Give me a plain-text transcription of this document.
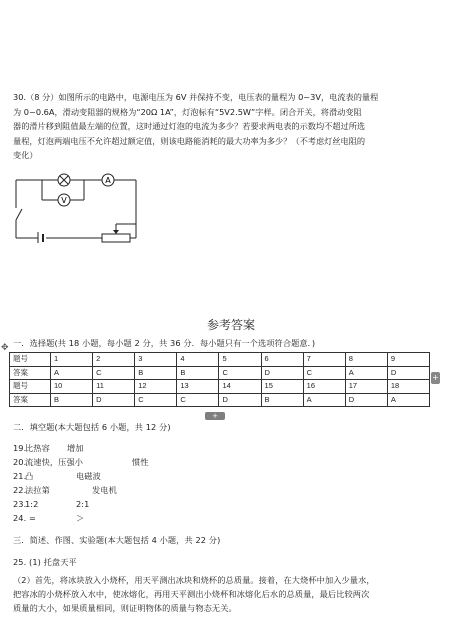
30.（8 分）如图所示的电路中，电源电压为 6V 并保持不变，电压表的量程为 0~3V，电流表的量程
为 0~0.6A，滑动变阻器的规格为“20Ω 1A”，灯泡标有“5V2.5W”字样。闭合开关，将滑动变阻
器的滑片移到阻值最左端的位置，这时通过灯泡的电流为多少？若要求两电表的示数均不超过所选
量程，灯泡两端电压不允许超过额定值，则该电路能消耗的最大功率为多少？（不考虑灯丝电阻的
变化）
V
A
参考答案
一．选择题(共 18 小题，每小题 2 分，共 36 分．每小题只有一个选项符合题意．)
✥
题号	1	2	3	4	5	6	7	8	9
答案	A	C	B	B	C	D	C	A	D
题号	10	11	12	13	14	15	16	17	18
答案	B	D	C	C	D	B	A	D	A
+
+
二．填空题(本大题包括 6 小题，共 12 分)
19.
比热容 增加
20.
流速快，压强小	惯性
21.
凸	电磁波
22.
法拉第	发电机
23.
1:2	2:1
24. =	＞
三．简述、作图、实验题(本大题包括 4 小题，共 22 分)
25. (1) 托盘天平
（2）首先，将冰块放入小烧杯，用天平测出冰块和烧杯的总质量。接着，在大烧杯中加入少量水，
把容冰的小烧杯放入水中，使冰熔化，再用天平测出小烧杯和冰熔化后水的总质量，最后比较两次
质量的大小，如果质量相同，则证明物体的质量与物态无关。
